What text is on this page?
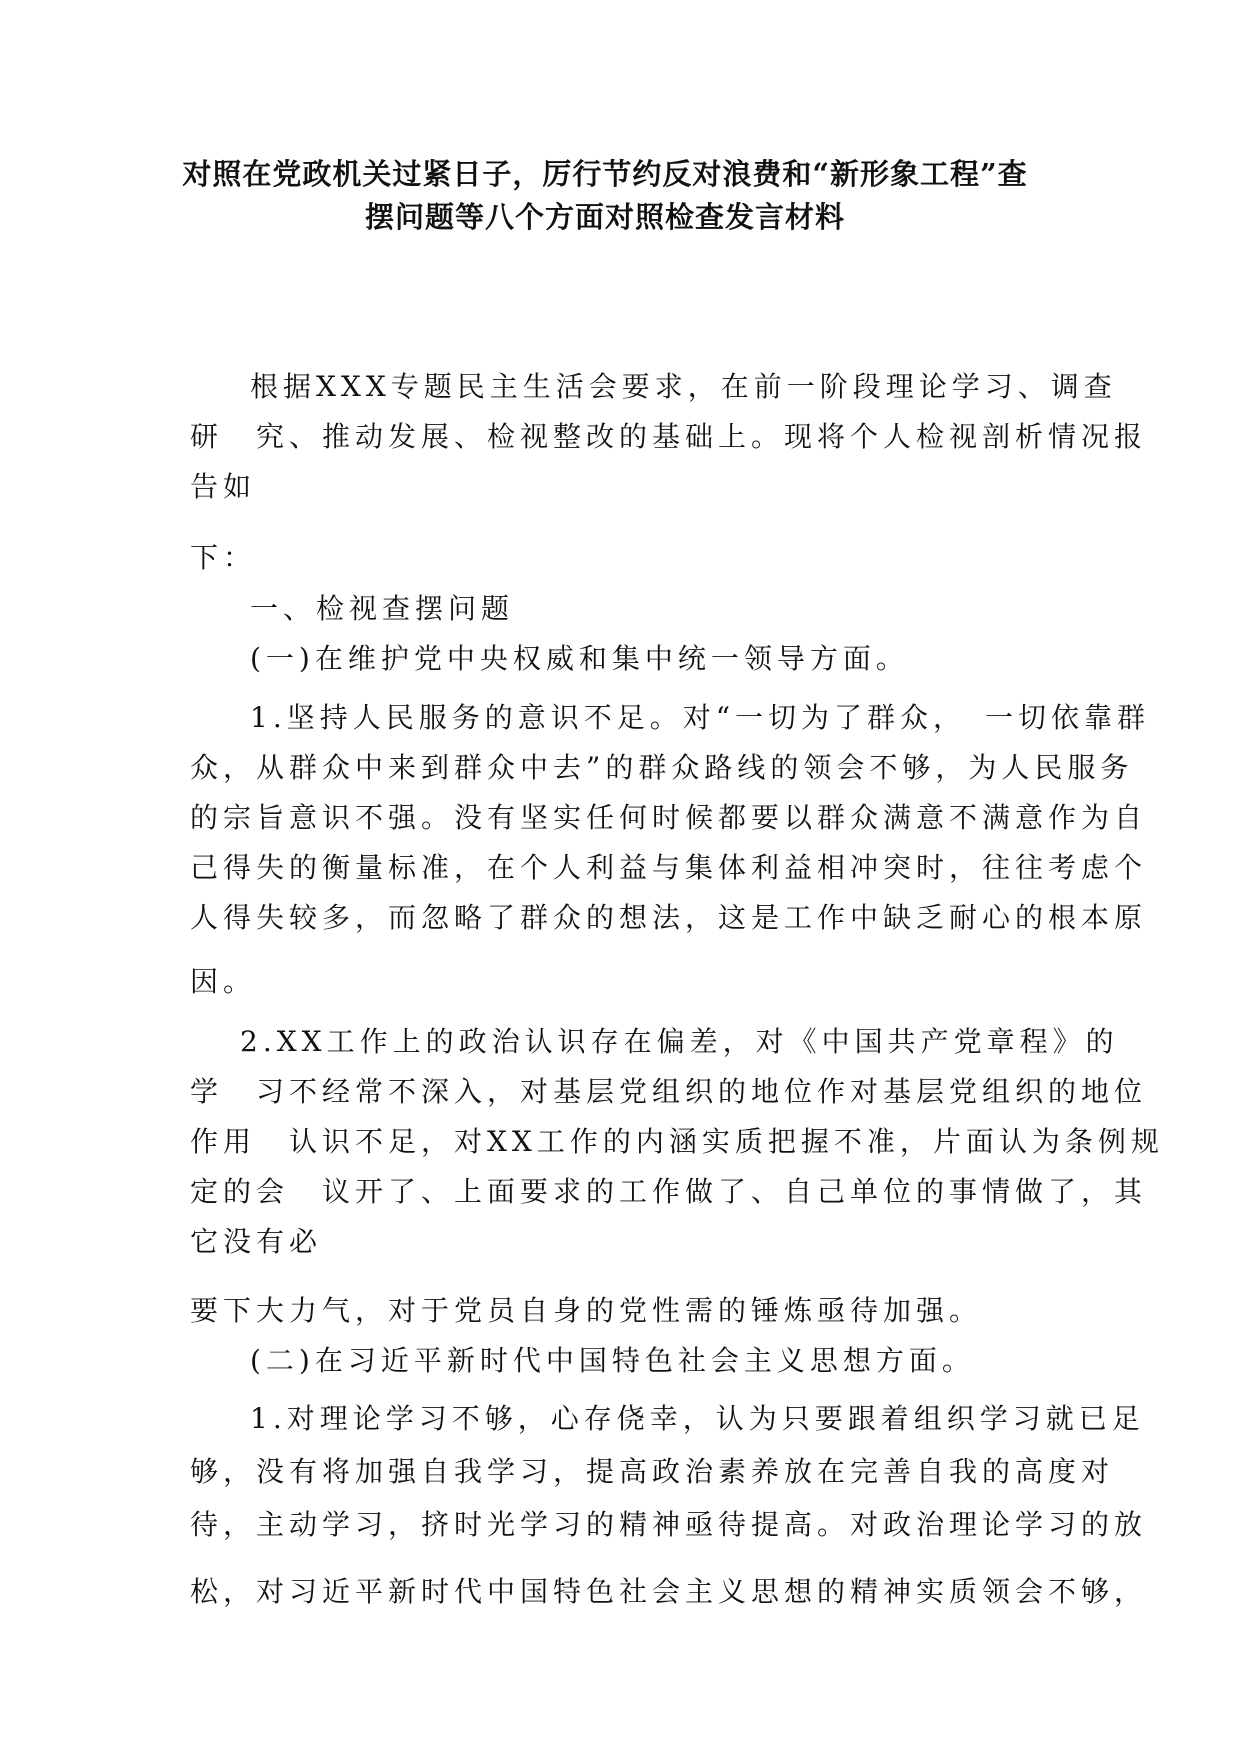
对照在党政机关过紧日子，厉行节约反对浪费和“新形象工程”查
摆问题等八个方面对照检查发言材料
根据XXX专题民主生活会要求，在前一阶段理论学习、调查
研　究、推动发展、检视整改的基础上。现将个人检视剖析情况报
告如
下：
一、检视查摆问题
(一)在维护党中央权威和集中统一领导方面。
1.坚持人民服务的意识不足。对“一切为了群众，　一切依靠群
众，从群众中来到群众中去”的群众路线的领会不够，为人民服务
的宗旨意识不强。没有坚实任何时候都要以群众满意不满意作为自
己得失的衡量标准，在个人利益与集体利益相冲突时，往往考虑个
人得失较多，而忽略了群众的想法，这是工作中缺乏耐心的根本原
因。
2.XX工作上的政治认识存在偏差，对《中国共产党章程》的
学　习不经常不深入，对基层党组织的地位作对基层党组织的地位
作用　认识不足，对XX工作的内涵实质把握不准，片面认为条例规
定的会　议开了、上面要求的工作做了、自己单位的事情做了，其
它没有必
要下大力气，对于党员自身的党性需的锤炼亟待加强。
(二)在习近平新时代中国特色社会主义思想方面。
1.对理论学习不够，心存侥幸，认为只要跟着组织学习就已足
够，没有将加强自我学习，提高政治素养放在完善自我的高度对
待，主动学习，挤时光学习的精神亟待提高。对政治理论学习的放
松，对习近平新时代中国特色社会主义思想的精神实质领会不够，
